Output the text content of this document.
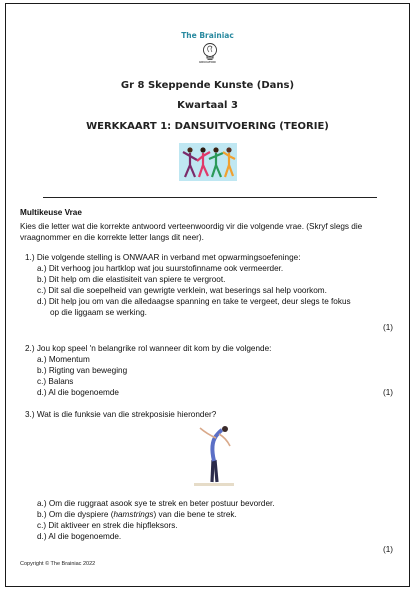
The Brainiac
EDUCATION
Gr 8 Skeppende Kunste (Dans)
Kwartaal 3
WERKKAART 1: DANSUITVOERING (TEORIE)
Multikeuse Vrae
Kies die letter wat die korrekte antwoord verteenwoordig vir die volgende vrae. (Skryf slegs die vraagnommer en die korrekte letter langs dit neer).
1.) Die volgende stelling is ONWAAR in verband met opwarmingsoefeninge:
a.) Dit verhoog jou hartklop wat jou suurstofinname ook vermeerder.
b.) Dit help om die elastisiteit van spiere te vergroot.
c.) Dit sal die soepelheid van gewrigte verklein, wat beserings sal help voorkom.
d.) Dit help jou om van die alledaagse spanning en take te vergeet, deur slegs te fokus
op die liggaam se werking.
(1)
2.) Jou kop speel 'n belangrike rol wanneer dit kom by die volgende:
a.) Momentum
b.) Rigting van beweging
c.) Balans
d.) Al die bogenoemde	(1)
3.) Wat is die funksie van die strekposisie hieronder?
a.) Om die ruggraat asook sye te strek en beter postuur bevorder.
b.) Om die dyspiere (hamstrings) van die bene te strek.
c.) Dit aktiveer en strek die hipfleksors.
d.) Al die bogenoemde.
(1)
Copyright © The Brainiac 2022
